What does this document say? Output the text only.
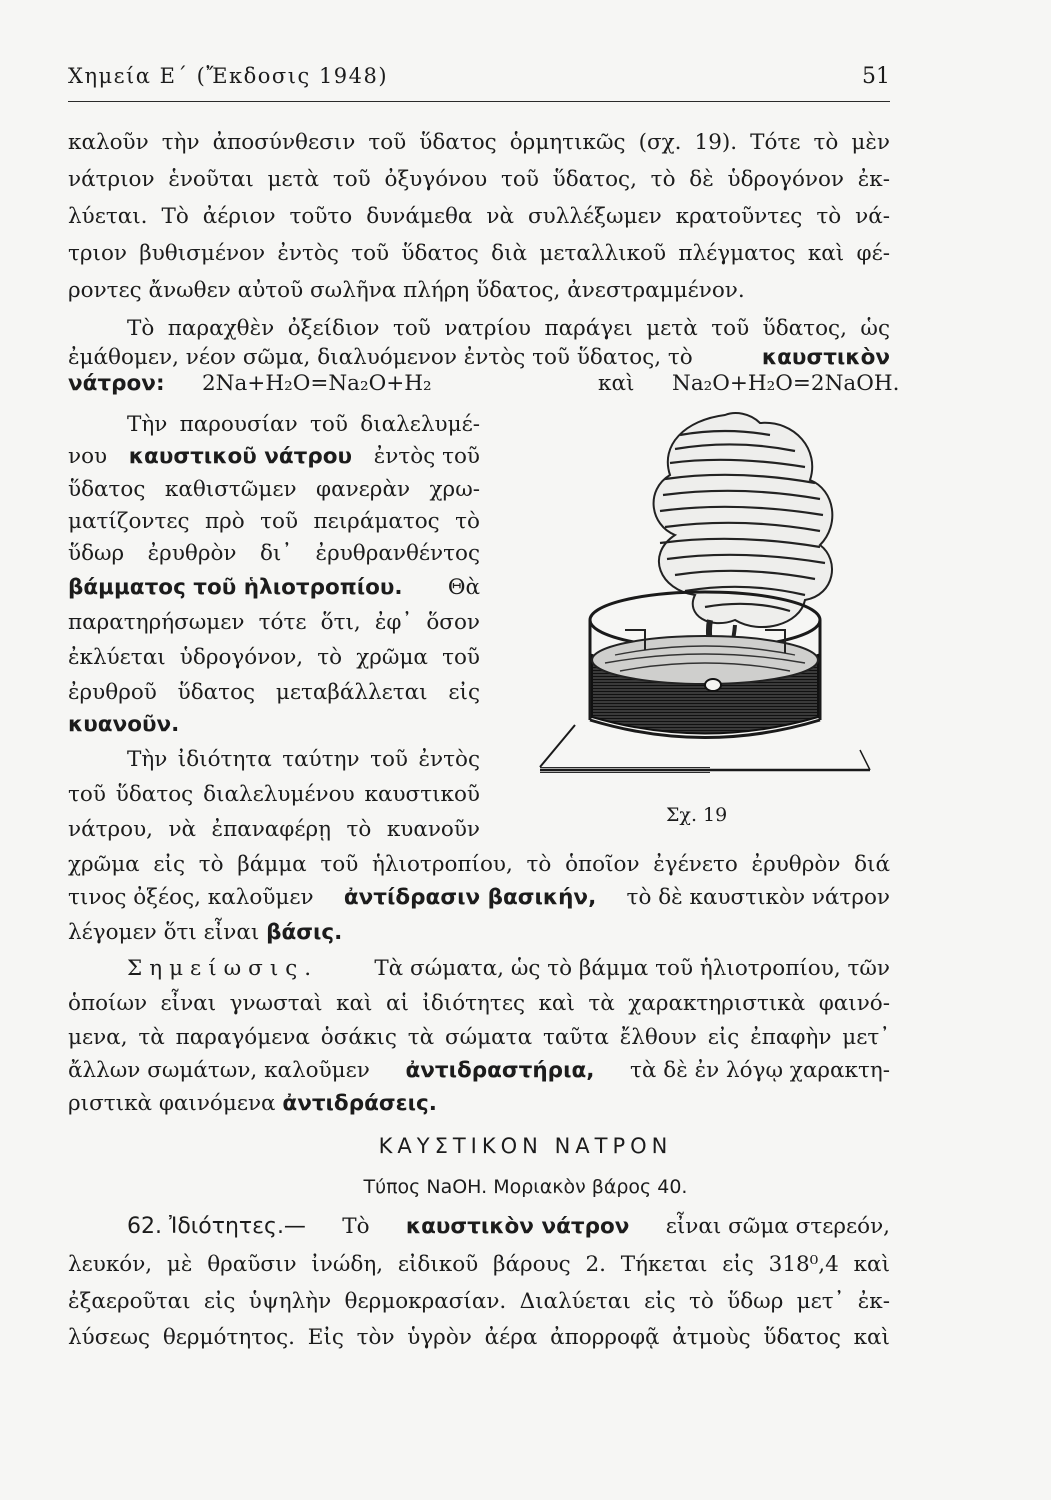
Χημεία Ε΄ (Ἔκδοσις 1948)	51
καλοῦν τὴν ἀποσύνθεσιν τοῦ ὕδατος ὁρμητικῶς (σχ. 19). Τότε τὸ μὲν
νάτριον ἑνοῦται μετὰ τοῦ ὀξυγόνου τοῦ ὕδατος, τὸ δὲ ὑδρογόνον ἐκ-
λύεται. Τὸ ἀέριον τοῦτο δυνάμεθα νὰ συλλέξωμεν κρατοῦντες τὸ νά-
τριον βυθισμένον ἐντὸς τοῦ ὕδατος διὰ μεταλλικοῦ πλέγματος καὶ φέ-
ροντες ἄνωθεν αὐτοῦ σωλῆνα πλήρη ὕδατος, ἀνεστραμμένον.
Τὸ παραχθὲν ὀξείδιον τοῦ νατρίου παράγει μετὰ τοῦ ὕδατος, ὡς
ἐμάθομεν, νέον σῶμα, διαλυόμενον ἐντὸς τοῦ ὕδατος, τὸ	καυστικὸν
νάτρον: 2Na+H₂O=Na₂O+H₂	καὶ Na₂O+H₂O=2NaOH.
Τὴν παρουσίαν τοῦ διαλελυμέ-
νου καυστικοῦ νάτρου ἐντὸς τοῦ
ὕδατος καθιστῶμεν φανερὰν χρω-
ματίζοντες πρὸ τοῦ πειράματος τὸ
ὕδωρ ἐρυθρὸν δι᾿ ἐρυθρανθέντος
βάμματος τοῦ ἡλιοτροπίου. Θὰ
παρατηρήσωμεν τότε ὅτι, ἐφ᾿ ὅσον
ἐκλύεται ὑδρογόνον, τὸ χρῶμα τοῦ
ἐρυθροῦ ὕδατος μεταβάλλεται εἰς
κυανοῦν.
Τὴν ἰδιότητα ταύτην τοῦ ἐντὸς
τοῦ ὕδατος διαλελυμένου καυστικοῦ
νάτρου, νὰ ἐπαναφέρῃ τὸ κυανοῦν
χρῶμα εἰς τὸ βάμμα τοῦ ἡλιοτροπίου, τὸ ὁποῖον ἐγένετο ἐρυθρὸν διά
τινος ὀξέος, καλοῦμεν ἀντίδρασιν βασικήν, τὸ δὲ καυστικὸν νάτρον
λέγομεν ὅτι εἶναι βάσις.
Σχ. 19
Σημείωσις.	Τὰ σώματα, ὡς τὸ βάμμα τοῦ ἡλιοτροπίου, τῶν
ὁποίων εἶναι γνωσταὶ καὶ αἱ ἰδιότητες καὶ τὰ χαρακτηριστικὰ φαινό-
μενα, τὰ παραγόμενα ὁσάκις τὰ σώματα ταῦτα ἔλθουν εἰς ἐπαφὴν μετ᾿
ἄλλων σωμάτων, καλοῦμεν ἀντιδραστήρια, τὰ δὲ ἐν λόγῳ χαρακτη-
ριστικὰ φαινόμενα ἀντιδράσεις.
ΚΑΥΣΤΙΚΟΝ ΝΑΤΡΟΝ
Τύπος NaOH. Μοριακὸν βάρος 40.
62. Ἰδιότητες.— Τὸ καυστικὸν νάτρον εἶναι σῶμα στερεόν,
λευκόν, μὲ θραῦσιν ἰνώδη, εἰδικοῦ βάρους 2. Τήκεται εἰς 318⁰,4 καὶ
ἐξαεροῦται εἰς ὑψηλὴν θερμοκρασίαν. Διαλύεται εἰς τὸ ὕδωρ μετ᾿ ἐκ-
λύσεως θερμότητος. Εἰς τὸν ὑγρὸν ἀέρα ἀπορροφᾷ ἀτμοὺς ὕδατος καὶ
